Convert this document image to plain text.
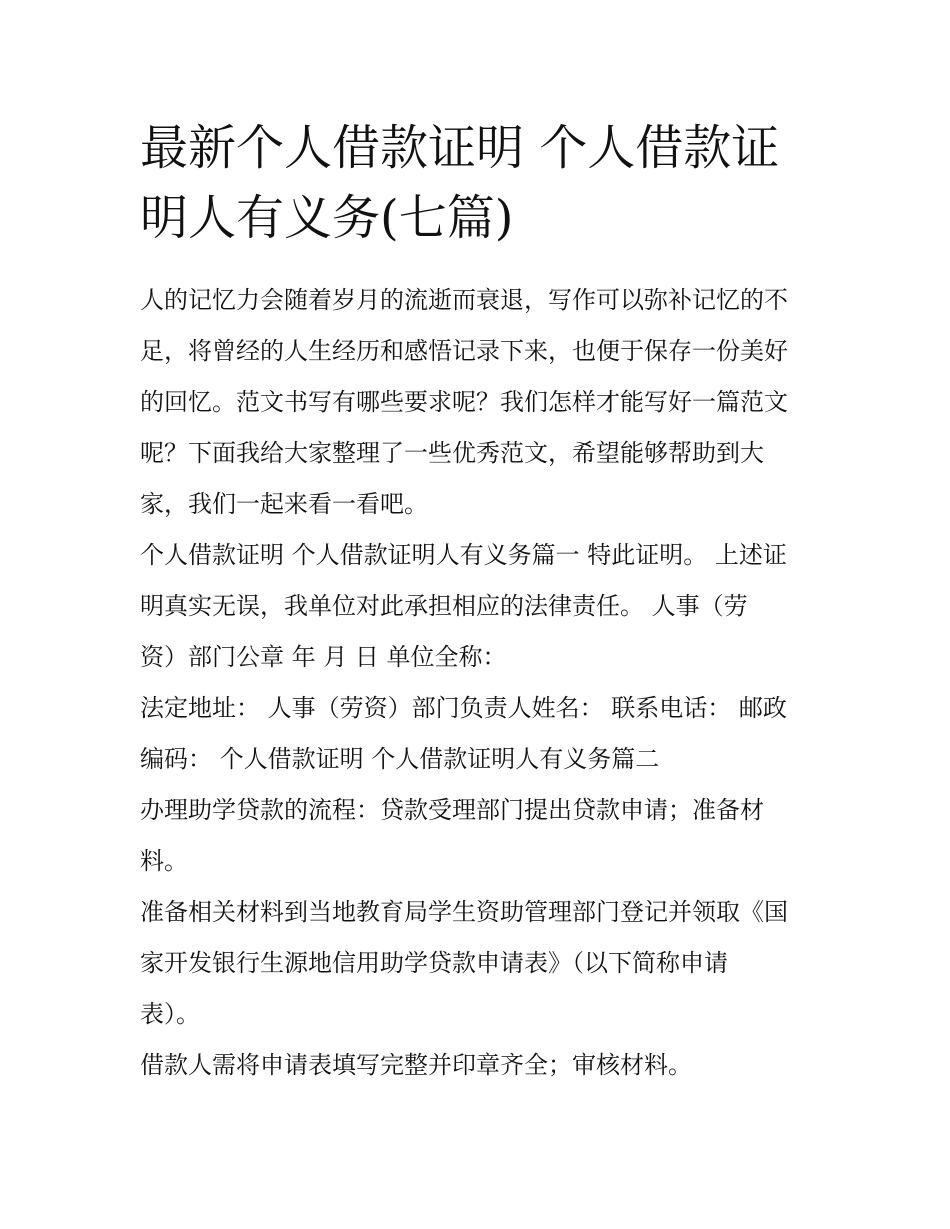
最新个人借款证明 个人借款证明人有义务(七篇)

人的记忆力会随着岁月的流逝而衰退，写作可以弥补记忆的不

足，将曾经的人生经历和感悟记录下来，也便于保存一份美好

的回忆。范文书写有哪些要求呢？我们怎样才能写好一篇范文

呢？下面我给大家整理了一些优秀范文，希望能够帮助到大

家，我们一起来看一看吧。

个人借款证明 个人借款证明人有义务篇一 特此证明。 上述证

明真实无误，我单位对此承担相应的法律责任。 人事（劳

资）部门公章 年 月 日 单位全称：

法定地址： 人事（劳资）部门负责人姓名： 联系电话： 邮政

编码： 个人借款证明 个人借款证明人有义务篇二

办理助学贷款的流程：贷款受理部门提出贷款申请；准备材

料。

准备相关材料到当地教育局学生资助管理部门登记并领取《国

家开发银行生源地信用助学贷款申请表》（以下简称申请

表）。

借款人需将申请表填写完整并印章齐全；审核材料。
